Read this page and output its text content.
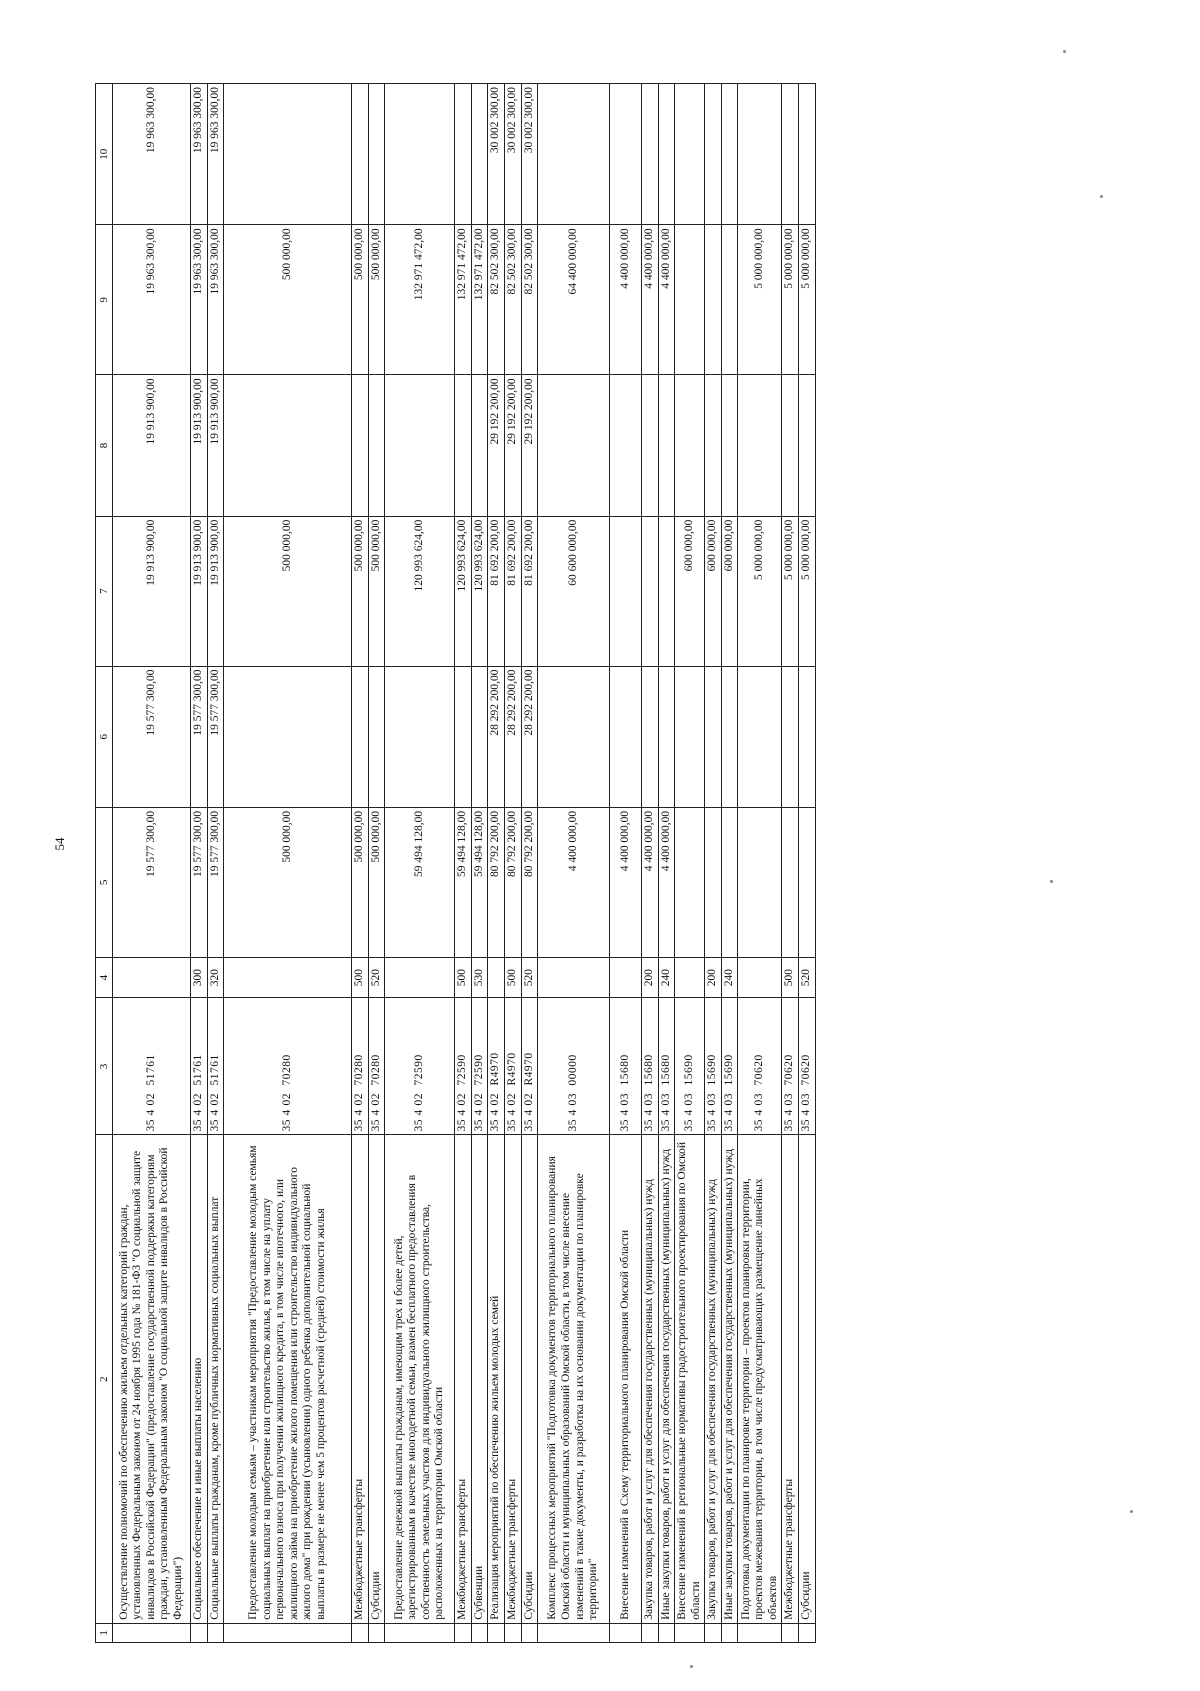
54
1	2	3	4	5	6	7	8	9	10
	Осуществление полномочий по обеспечению жильем отдельных категорий граждан, установленных Федеральным законом от 24 ноября 1995 года № 181-ФЗ "О социальной защите инвалидов в Российской Федерации" (предоставление государственной поддержки категориям граждан, установленным Федеральным законом "О социальной защите инвалидов в Российской Федерации")	3540251761		19 577 300,00	19 577 300,00	19 913 900,00	19 913 900,00	19 963 300,00	19 963 300,00
	Социальное обеспечение и иные выплаты населению	3540251761	300	19 577 300,00	19 577 300,00	19 913 900,00	19 913 900,00	19 963 300,00	19 963 300,00
	Социальные выплаты гражданам, кроме публичных нормативных социальных выплат	3540251761	320	19 577 300,00	19 577 300,00	19 913 900,00	19 913 900,00	19 963 300,00	19 963 300,00
	Предоставление молодым семьям – участникам мероприятия "Предоставление молодым семьям социальных выплат на приобретение или строительство жилья, в том числе на уплату первоначального взноса при получении жилищного кредита, в том числе ипотечного, или жилищного займа на приобретение жилого помещения или строительство индивидуального жилого дома" при рождении (усыновлении) одного ребенка дополнительной социальной выплаты в размере не менее чем 5 процентов расчетной (средней) стоимости жилья	3540270280		500 000,00		500 000,00		500 000,00	
	Межбюджетные трансферты	3540270280	500	500 000,00		500 000,00		500 000,00	
	Субсидии	3540270280	520	500 000,00		500 000,00		500 000,00	
	Предоставление денежной выплаты гражданам, имеющим трех и более детей, зарегистрированным в качестве многодетной семьи, взамен бесплатного предоставления в собственность земельных участков для индивидуального жилищного строительства, расположенных на территории Омской области	3540272590		59 494 128,00		120 993 624,00		132 971 472,00	
	Межбюджетные трансферты	3540272590	500	59 494 128,00		120 993 624,00		132 971 472,00	
	Субвенции	3540272590	530	59 494 128,00		120 993 624,00		132 971 472,00	
	Реализация мероприятий по обеспечению жильем молодых семей	35402R4970		80 792 200,00	28 292 200,00	81 692 200,00	29 192 200,00	82 502 300,00	30 002 300,00
	Межбюджетные трансферты	35402R4970	500	80 792 200,00	28 292 200,00	81 692 200,00	29 192 200,00	82 502 300,00	30 002 300,00
	Субсидии	35402R4970	520	80 792 200,00	28 292 200,00	81 692 200,00	29 192 200,00	82 502 300,00	30 002 300,00
	Комплекс процессных мероприятий "Подготовка документов территориального планирования Омской области и муниципальных образований Омской области, в том числе внесение изменений в такие документы, и разработка на их основании документации по планировке территории"	3540300000		4 400 000,00		60 600 000,00		64 400 000,00	
	Внесение изменений в Схему территориального планирования Омской области	3540315680		4 400 000,00				4 400 000,00	
	Закупка товаров, работ и услуг для обеспечения государственных (муниципальных) нужд	3540315680	200	4 400 000,00				4 400 000,00	
	Иные закупки товаров, работ и услуг для обеспечения государственных (муниципальных) нужд	3540315680	240	4 400 000,00				4 400 000,00	
	Внесение изменений в региональные нормативы градостроительного проектирования по Омской области	3540315690				600 000,00			
	Закупка товаров, работ и услуг для обеспечения государственных (муниципальных) нужд	3540315690	200			600 000,00			
	Иные закупки товаров, работ и услуг для обеспечения государственных (муниципальных) нужд	3540315690	240			600 000,00			
	Подготовка документации по планировке территории – проектов планировки территории, проектов межевания территории, в том числе предусматривающих размещение линейных объектов	3540370620				5 000 000,00		5 000 000,00	
	Межбюджетные трансферты	3540370620	500			5 000 000,00		5 000 000,00	
	Субсидии	3540370620	520			5 000 000,00		5 000 000,00	
